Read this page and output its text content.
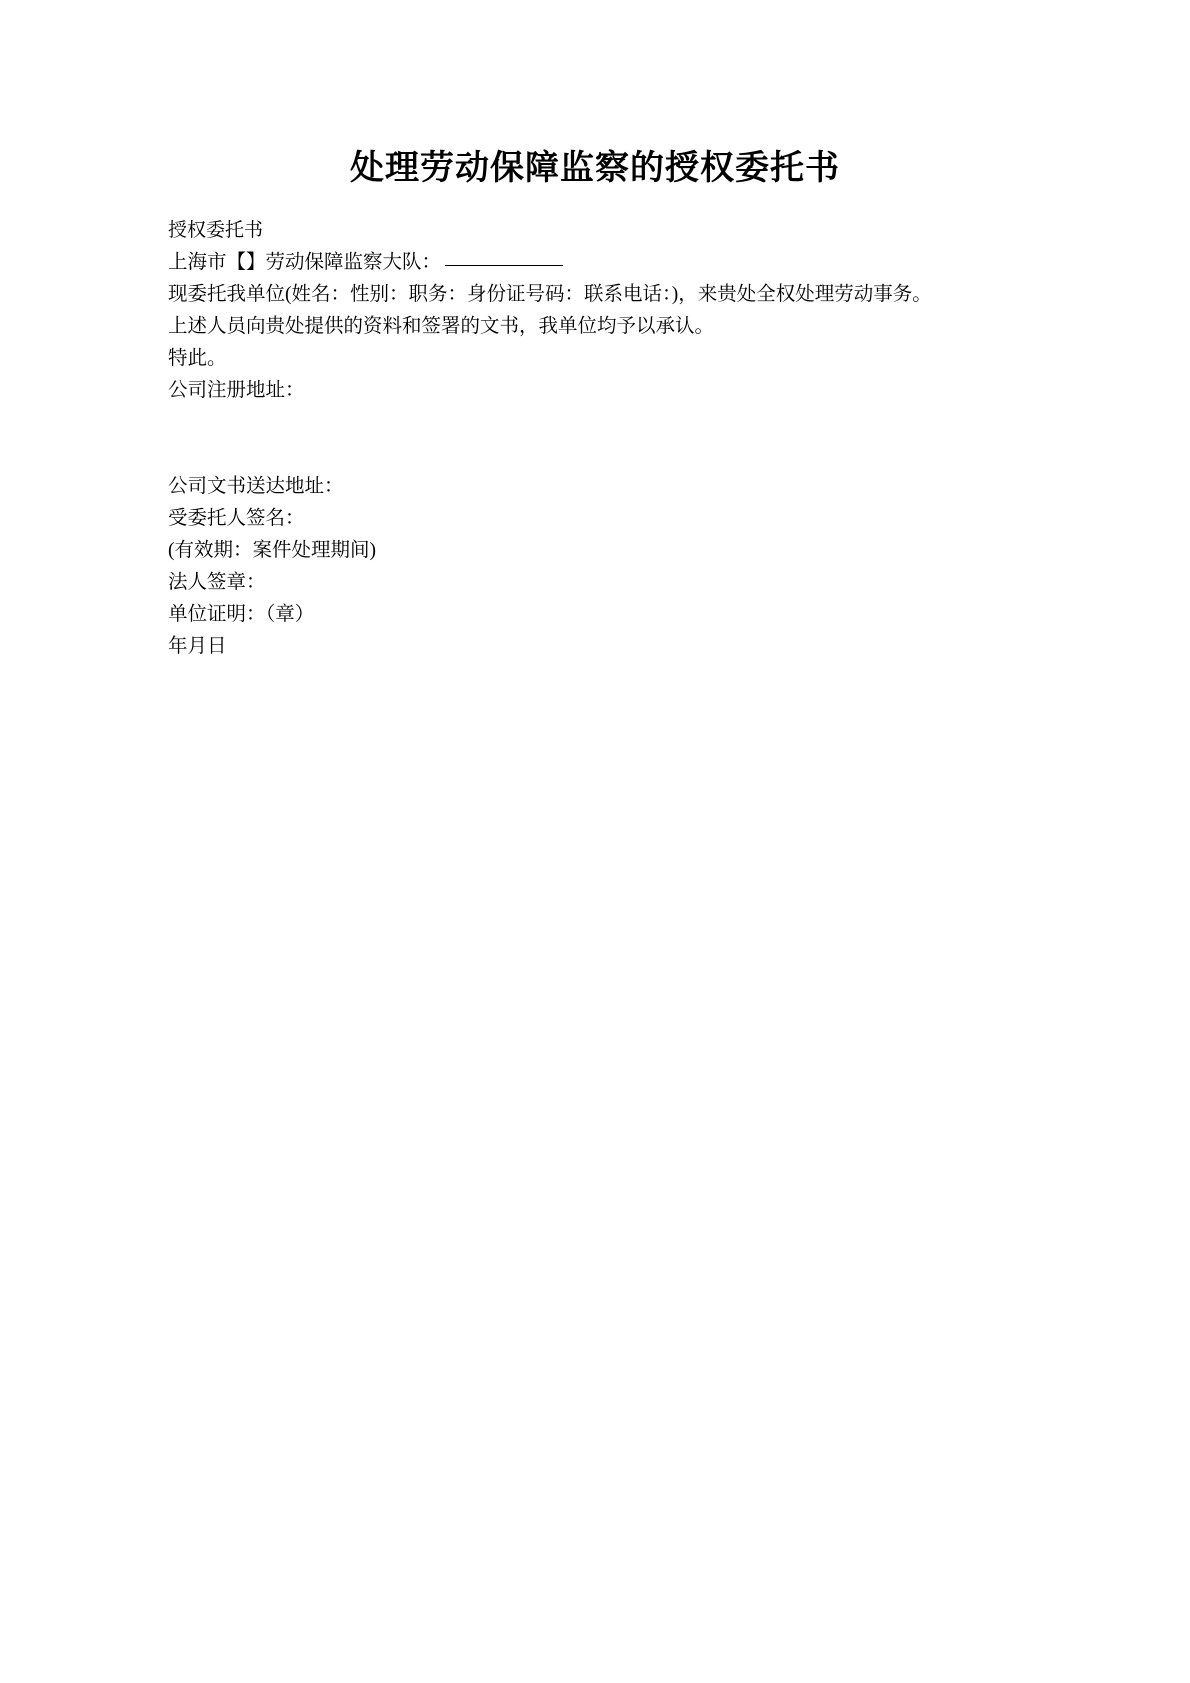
处理劳动保障监察的授权委托书
授权委托书
上海市【】劳动保障监察大队：
现委托我单位(姓名：性别：职务：身份证号码：联系电话：)，来贵处全权处理劳动事务。
上述人员向贵处提供的资料和签署的文书，我单位均予以承认。
特此。
公司注册地址：
公司文书送达地址：
受委托人签名：
(有效期：案件处理期间)
法人签章：
单位证明：（章）
年月日
